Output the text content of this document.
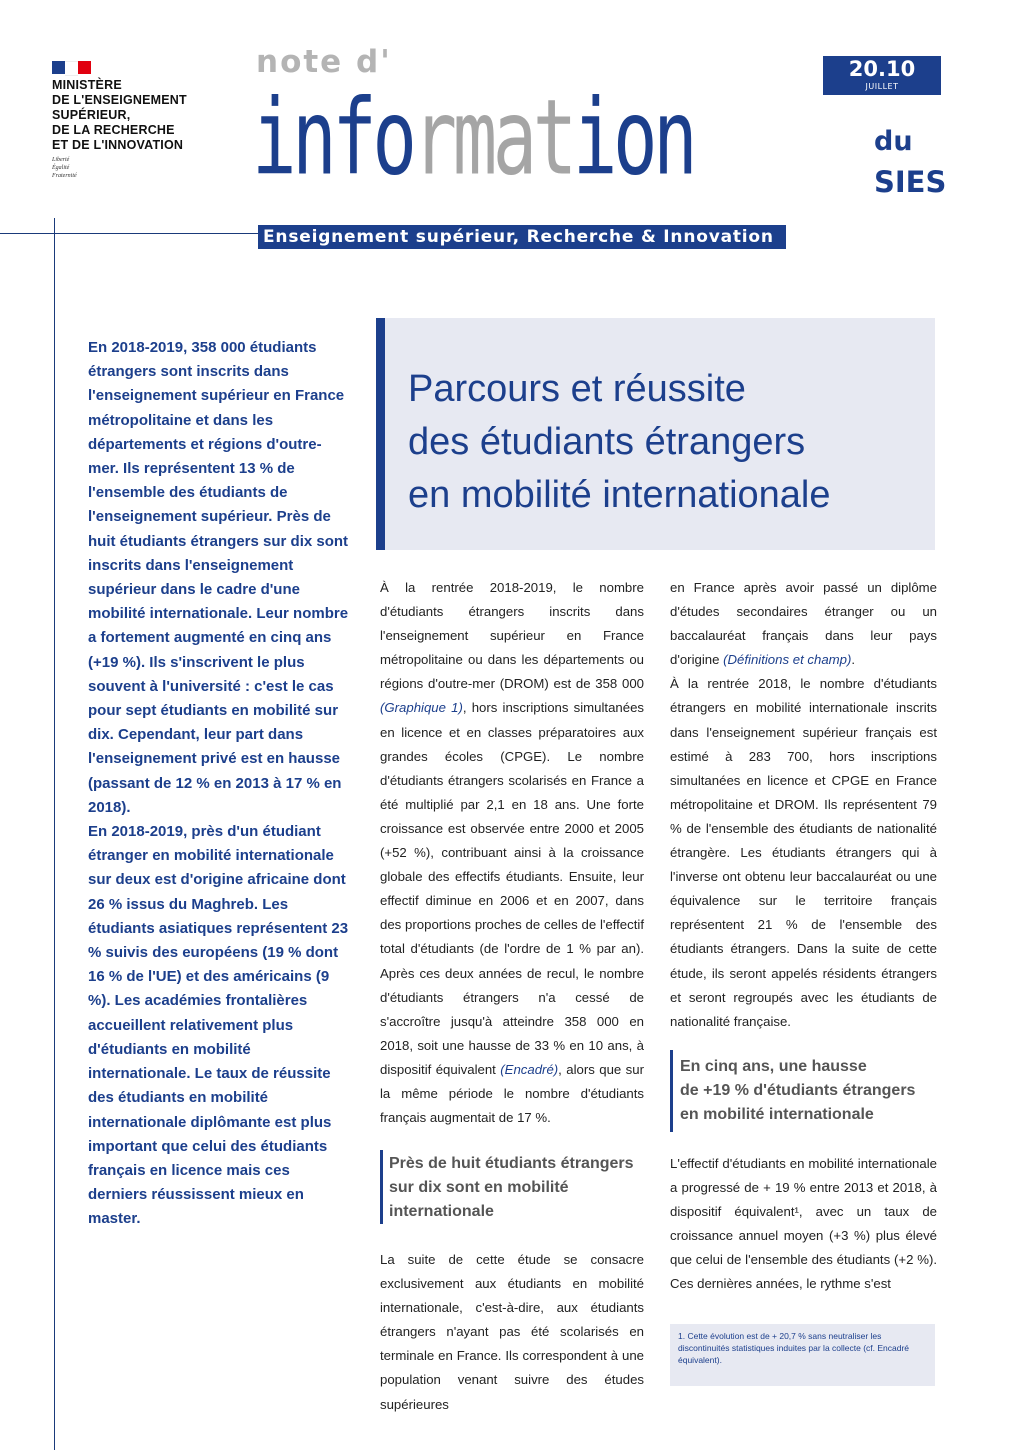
MINISTÈRE
DE L'ENSEIGNEMENT
SUPÉRIEUR,
DE LA RECHERCHE
ET DE L'INNOVATION
Liberté
Égalité
Fraternité
note d'
information	du
SIES
20.10
JUILLET
Enseignement supérieur, Recherche & Innovation

En 2018-2019, 358 000 étudiants étrangers sont inscrits dans l'enseignement supérieur en France métropolitaine et dans les départements et régions d'outre-mer. Ils représentent 13 % de l'ensemble des étudiants de l'enseignement supérieur. Près de huit étudiants étrangers sur dix sont inscrits dans l'enseignement supérieur dans le cadre d'une mobilité internationale. Leur nombre a fortement augmenté en cinq ans (+19 %). Ils s'inscrivent le plus souvent à l'université : c'est le cas pour sept étudiants en mobilité sur dix. Cependant, leur part dans l'enseignement privé est en hausse (passant de 12 % en 2013 à 17 % en 2018).

En 2018-2019, près d'un étudiant étranger en mobilité internationale sur deux est d'origine africaine dont 26 % issus du Maghreb. Les étudiants asiatiques représentent 23 % suivis des européens (19 % dont 16 % de l'UE) et des américains (9 %). Les académies frontalières accueillent relativement plus d'étudiants en mobilité internationale. Le taux de réussite des étudiants en mobilité internationale diplômante est plus important que celui des étudiants français en licence mais ces derniers réussissent mieux en master.

Parcours et réussite
des étudiants étrangers
en mobilité internationale

À la rentrée 2018-2019, le nombre d'étudiants étrangers inscrits dans l'enseignement supérieur en France métropolitaine ou dans les départements ou régions d'outre-mer (DROM) est de 358 000 (Graphique 1), hors inscriptions simultanées en licence et en classes préparatoires aux grandes écoles (CPGE). Le nombre d'étudiants étrangers scolarisés en France a été multiplié par 2,1 en 18 ans. Une forte croissance est observée entre 2000 et 2005 (+52 %), contribuant ainsi à la croissance globale des effectifs étudiants. Ensuite, leur effectif diminue en 2006 et en 2007, dans des proportions proches de celles de l'effectif total d'étudiants (de l'ordre de 1 % par an). Après ces deux années de recul, le nombre d'étudiants étrangers n'a cessé de s'accroître jusqu'à atteindre 358 000 en 2018, soit une hausse de 33 % en 10 ans, à dispositif équivalent (Encadré), alors que sur la même période le nombre d'étudiants français augmentait de 17 %.

Près de huit étudiants étrangers
sur dix sont en mobilité
internationale

La suite de cette étude se consacre exclusivement aux étudiants en mobilité internationale, c'est-à-dire, aux étudiants étrangers n'ayant pas été scolarisés en terminale en France. Ils correspondent à une population venant suivre des études supérieures

en France après avoir passé un diplôme d'études secondaires étranger ou un baccalauréat français dans leur pays d'origine (Définitions et champ).

À la rentrée 2018, le nombre d'étudiants étrangers en mobilité internationale inscrits dans l'enseignement supérieur français est estimé à 283 700, hors inscriptions simultanées en licence et CPGE en France métropolitaine et DROM. Ils représentent 79 % de l'ensemble des étudiants de nationalité étrangère. Les étudiants étrangers qui à l'inverse ont obtenu leur baccalauréat ou une équivalence sur le territoire français représentent 21 % de l'ensemble des étudiants étrangers. Dans la suite de cette étude, ils seront appelés résidents étrangers et seront regroupés avec les étudiants de nationalité française.

En cinq ans, une hausse
de +19 % d'étudiants étrangers
en mobilité internationale

L'effectif d'étudiants en mobilité internationale a progressé de + 19 % entre 2013 et 2018, à dispositif équivalent¹, avec un taux de croissance annuel moyen (+3 %) plus élevé que celui de l'ensemble des étudiants (+2 %). Ces dernières années, le rythme s'est

1. Cette évolution est de + 20,7 % sans neutraliser les discontinuités statistiques induites par la collecte (cf. Encadré équivalent).
